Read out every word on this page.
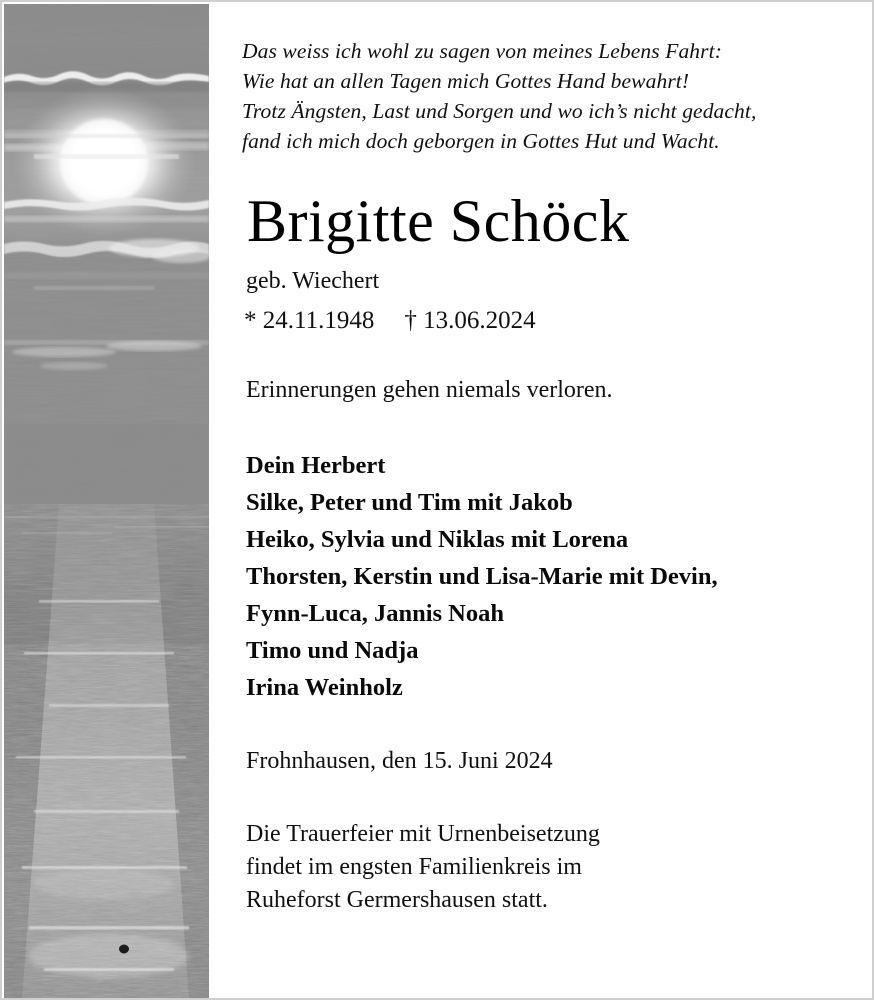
Das weiss ich wohl zu sagen von meines Lebens Fahrt:
Wie hat an allen Tagen mich Gottes Hand bewahrt!
Trotz Ängsten, Last und Sorgen und wo ich’s nicht gedacht,
fand ich mich doch geborgen in Gottes Hut und Wacht.
Brigitte Schöck
geb. Wiechert
* 24.11.1948 † 13.06.2024
Erinnerungen gehen niemals verloren.
Dein Herbert
Silke, Peter und Tim mit Jakob
Heiko, Sylvia und Niklas mit Lorena
Thorsten, Kerstin und Lisa-Marie mit Devin,
Fynn-Luca, Jannis Noah
Timo und Nadja
Irina Weinholz
Frohnhausen, den 15. Juni 2024
Die Trauerfeier mit Urnenbeisetzung
findet im engsten Familienkreis im
Ruheforst Germershausen statt.
